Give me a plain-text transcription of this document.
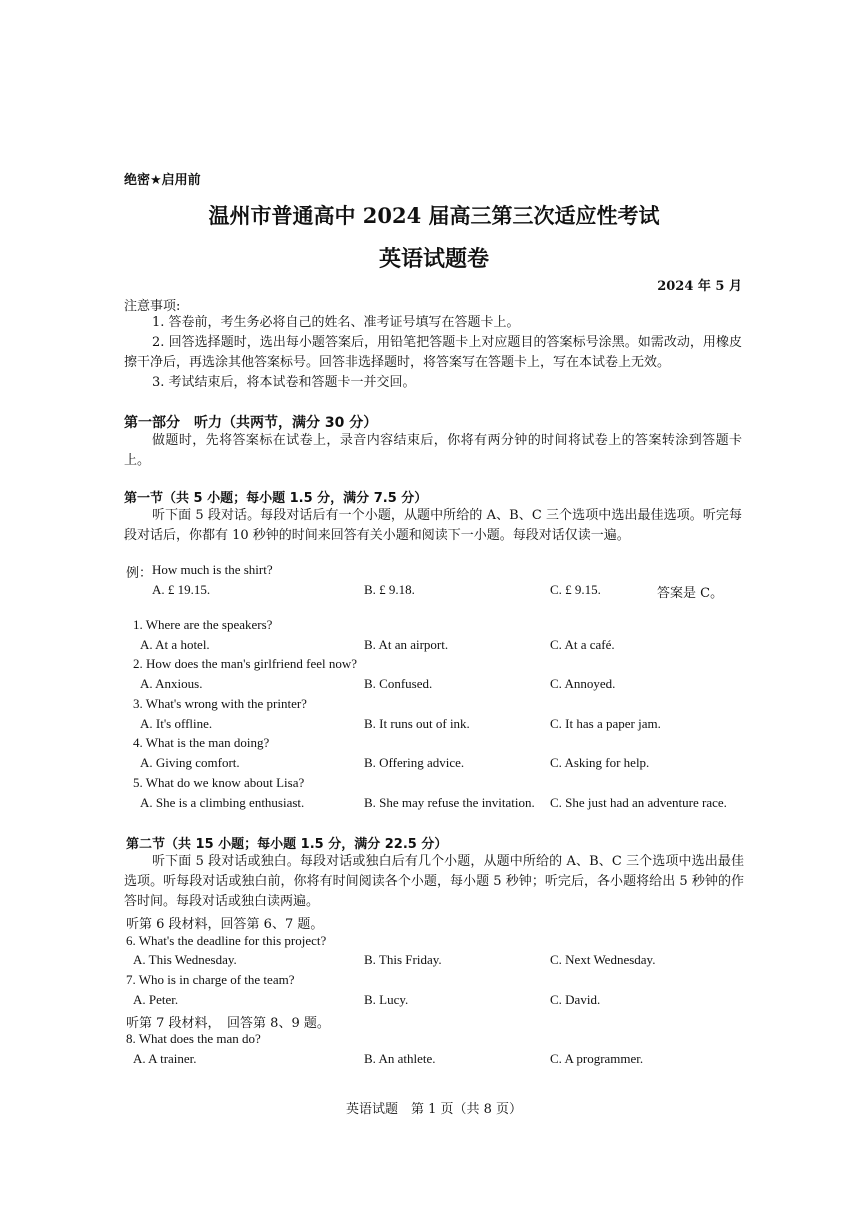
绝密★启用前
温州市普通高中 2024 届高三第三次适应性考试
英语试题卷
2024 年 5 月
注意事项:
1. 答卷前，考生务必将自己的姓名、准考证号填写在答题卡上。
2. 回答选择题时，选出每小题答案后，用铅笔把答题卡上对应题目的答案标号涂黑。如需改动，用橡皮擦干净后，再选涂其他答案标号。回答非选择题时，将答案写在答题卡上，写在本试卷上无效。
3. 考试结束后，将本试卷和答题卡一并交回。
第一部分　听力（共两节，满分 30 分）
做题时，先将答案标在试卷上，录音内容结束后，你将有两分钟的时间将试卷上的答案转涂到答题卡上。
第一节（共 5 小题；每小题 1.5 分，满分 7.5 分）
听下面 5 段对话。每段对话后有一个小题，从题中所给的 A、B、C 三个选项中选出最佳选项。听完每段对话后，你都有 10 秒钟的时间来回答有关小题和阅读下一小题。每段对话仅读一遍。
例： How much is the shirt?
A. £ 19.15.	B. £ 9.18.	C. £ 9.15.	答案是 C。
1. Where are the speakers?
A. At a hotel.	B. At an airport.	C. At a café.
2. How does the man's girlfriend feel now?
A. Anxious.	B. Confused.	C. Annoyed.
3. What's wrong with the printer?
A. It's offline.	B. It runs out of ink.	C. It has a paper jam.
4. What is the man doing?
A. Giving comfort.	B. Offering advice.	C. Asking for help.
5. What do we know about Lisa?
A. She is a climbing enthusiast.	B. She may refuse the invitation. C. She just had an adventure race.
第二节（共 15 小题；每小题 1.5 分，满分 22.5 分）
听下面 5 段对话或独白。每段对话或独白后有几个小题，从题中所给的 A、B、C 三个选项中选出最佳选项。听每段对话或独白前，你将有时间阅读各个小题，每小题 5 秒钟；听完后，各小题将给出 5 秒钟的作答时间。每段对话或独白读两遍。
听第 6 段材料，回答第 6、7 题。
6. What's the deadline for this project?
A. This Wednesday.	B. This Friday.	C. Next Wednesday.
7. Who is in charge of the team?
A. Peter.	B. Lucy.	C. David.
听第 7 段材料，　回答第 8、9 题。
8. What does the man do?
A. A trainer.	B. An athlete.	C. A programmer.
英语试题　第 1 页（共 8 页）
